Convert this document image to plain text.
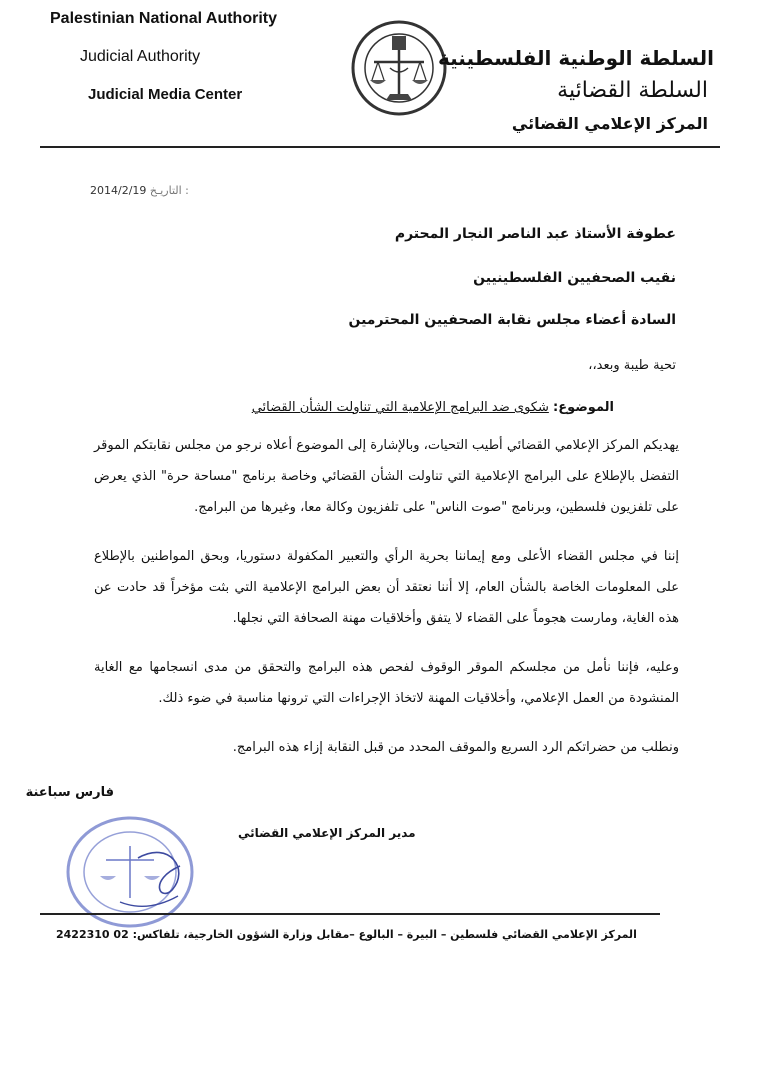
Palestinian National Authority
Judicial Authority
Judicial Media Center
السلطة الوطنية الفلسطينية
السلطة القضائية
المركز الإعلامي القضائي
2014/2/19 التاريـخ :
عطوفة الأستاذ عبد الناصر النجار المحترم
نقيب الصحفيين الفلسطينيين
السادة أعضاء مجلس نقابة الصحفيين المحترمين
تحية طيبة وبعد،،
الموضوع: شكوى ضد البرامج الإعلامية التي تناولت الشأن القضائي
يهديكم المركز الإعلامي القضائي أطيب التحيات، وبالإشارة إلى الموضوع أعلاه نرجو من مجلس نقابتكم الموقر التفضل بالإطلاع على البرامج الإعلامية التي تناولت الشأن القضائي وخاصة برنامج "مساحة حرة" الذي يعرض على تلفزيون فلسطين، وبرنامج "صوت الناس" على تلفزيون وكالة معا، وغيرها من البرامج.
إننا في مجلس القضاء الأعلى ومع إيماننا بحرية الرأي والتعبير المكفولة دستوريا، وبحق المواطنين بالإطلاع على المعلومات الخاصة بالشأن العام، إلا أننا نعتقد أن بعض البرامج الإعلامية التي بثت مؤخراً قد حادت عن هذه الغاية، ومارست هجوماً على القضاء لا يتفق وأخلاقيات مهنة الصحافة التي نجلها.
وعليه، فإننا نأمل من مجلسكم الموقر الوقوف لفحص هذه البرامج والتحقق من مدى انسجامها مع الغاية المنشودة من العمل الإعلامي، وأخلاقيات المهنة لاتخاذ الإجراءات التي ترونها مناسبة في ضوء ذلك.
ونطلب من حضراتكم الرد السريع والموقف المحدد من قبل النقابة إزاء هذه البرامج.
فارس سباعنة
مدير المركز الإعلامي القضائي
المركز الإعلامي القضائي فلسطين – البيرة – البالوع –مقابل وزارة الشؤون الخارجية، تلفاكس: 02 2422310
